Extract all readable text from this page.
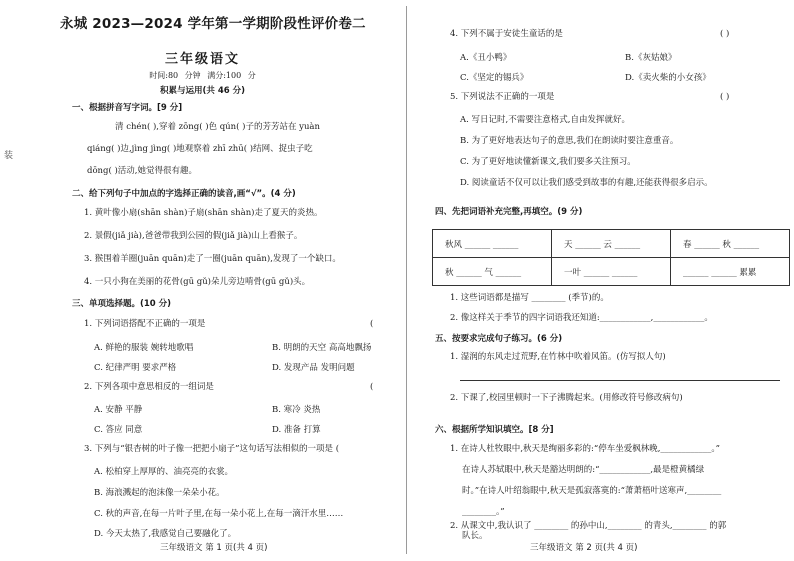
装
永城 2023—2024 学年第一学期阶段性评价卷二
三年级语文
时间:80 分钟 满分:100 分
积累与运用(共 46 分)
一、根据拼音写字词。[9 分]
清 chén( ),穿着 zōng( )色 qún( )子的芳芳站在 yuàn
qiáng( )边,jìng jìng( )地观察着 zhī zhū( )结网、捉虫子吃
dōng( )活动,她觉得很有趣。
二、给下列句子中加点的字选择正确的读音,画“√”。(4 分)
1. 黄叶像小扇(shān shàn)子扇(shān shàn)走了夏天的炎热。
2. 景假(jiǎ jià),爸爸带我到公园的假(jiǎ jià)山上看猴子。
3. 猴围着羊圈(juān quān)走了一圈(juān quān),发现了一个缺口。
4. 一只小狗在美丽的花骨(gū gǔ)朵儿旁边啃骨(gū gǔ)头。
三、单项选择题。(10 分)
1. 下列词语搭配不正确的一项是	(
A. 鲜艳的服装 婉转地歌唱	B. 明朗的天空 高高地飘扬
C. 纪律严明 要求严格	D. 发现产品 发明问题
2. 下列各项中意思相反的一组词是	(
A. 安静 平静	B. 寒冷 炎热
C. 答应 同意	D. 准备 打算
3. 下列与“银杏树的叶子像一把把小扇子”这句话写法相似的一项是 (
A. 松柏穿上厚厚的、油亮亮的衣裳。
B. 海浪溅起的泡沫像一朵朵小花。
C. 秋的声音,在每一片叶子里,在每一朵小花上,在每一滴汗水里……
D. 今天太热了,我感觉自己要融化了。
三年级语文 第 1 页(共 4 页)
4. 下列不属于安徒生童话的是	( )
A.《丑小鸭》	B.《灰姑娘》
C.《坚定的锡兵》	D.《卖火柴的小女孩》
5. 下列说法不正确的一项是	( )
A. 写日记时,不需要注意格式,自由发挥就好。
B. 为了更好地表达句子的意思,我们在朗读时要注意重音。
C. 为了更好地读懂新课文,我们要多关注预习。
D. 阅读童话不仅可以让我们感受到故事的有趣,还能获得很多启示。
四、先把词语补充完整,再填空。(9 分)
1. 这些词语都是描写 ________ (季节)的。
2. 像这样关于季节的四字词语我还知道:____________,____________。
五、按要求完成句子练习。(6 分)
1. 湿润的东风走过荒野,在竹林中吹着风笛。(仿写拟人句)
2. 下课了,校园里顿时一下子沸腾起来。(用修改符号修改病句)
六、根据所学知识填空。[8 分]
1. 在诗人杜牧眼中,秋天是绚丽多彩的:“停车坐爱枫林晚,____________。”
在诗人苏轼眼中,秋天是豁达明朗的:“____________,最是橙黄橘绿
时。”在诗人叶绍翁眼中,秋天是孤寂落寞的:“萧萧梧叶送寒声,________
________。”
2. 从课文中,我认识了 ________ 的孙中山,________ 的青头,________ 的郭
三年级语文 第 2 页(共 4 页)
秋风 ______ ______	天 ______ 云 ______	春 ______ 秋 ______
秋 ______ 气 ______	一叶 ______ ______	______ ______ 累累
队长。
